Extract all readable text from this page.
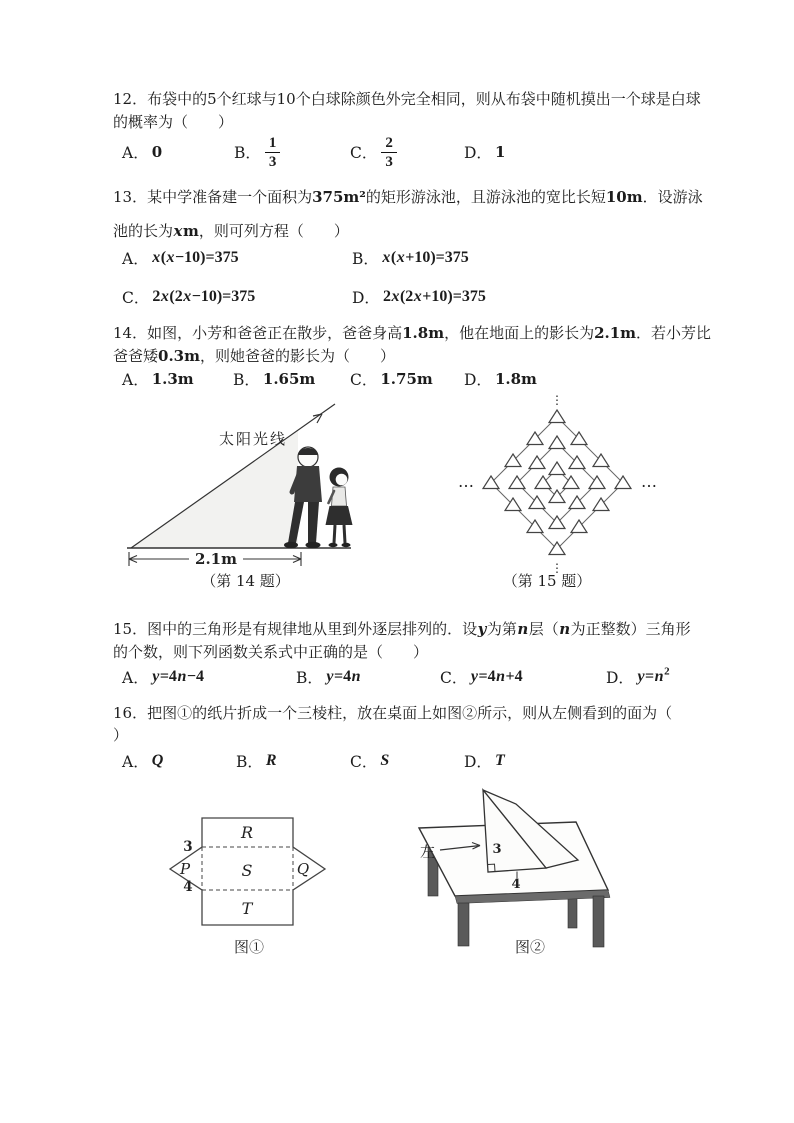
12．布袋中的5个红球与10个白球除颜色外完全相同，则从布袋中随机摸出一个球是白球
的概率为（　　）
A． 0	B． $\frac{1}{3}$	C． $\frac{2}{3}$	D． 1
13．某中学准备建一个面积为375m²的矩形游泳池，且游泳池的宽比长短10m．设游泳
池的长为xm，则可列方程（　　）
A． x(x−10)=375	B． x(x+10)=375
C． 2x(2x−10)=375	D． 2x(2x+10)=375
14．如图，小芳和爸爸正在散步，爸爸身高1.8m，他在地面上的影长为2.1m．若小芳比
爸爸矮0.3m，则她爸爸的影长为（　　）
A． 1.3m	B． 1.65m C． 1.75m D． 1.8m
太阳光线
2.1m
（第 14 题）
⋮
⋮
…	…
（第 15 题）
15．图中的三角形是有规律地从里到外逐层排列的．设y为第n层（n为正整数）三角形
的个数，则下列函数关系式中正确的是（　　）
A． y=4n−4	B． y=4n	C． y=4n+4	D． $y=n^2$
16．把图①的纸片折成一个三棱柱，放在桌面上如图②所示，则从左侧看到的面为（
）
A． Q	B． R	C． S	D． T
R
S
T
P	Q
3
4
图①
3
4
左
图②
